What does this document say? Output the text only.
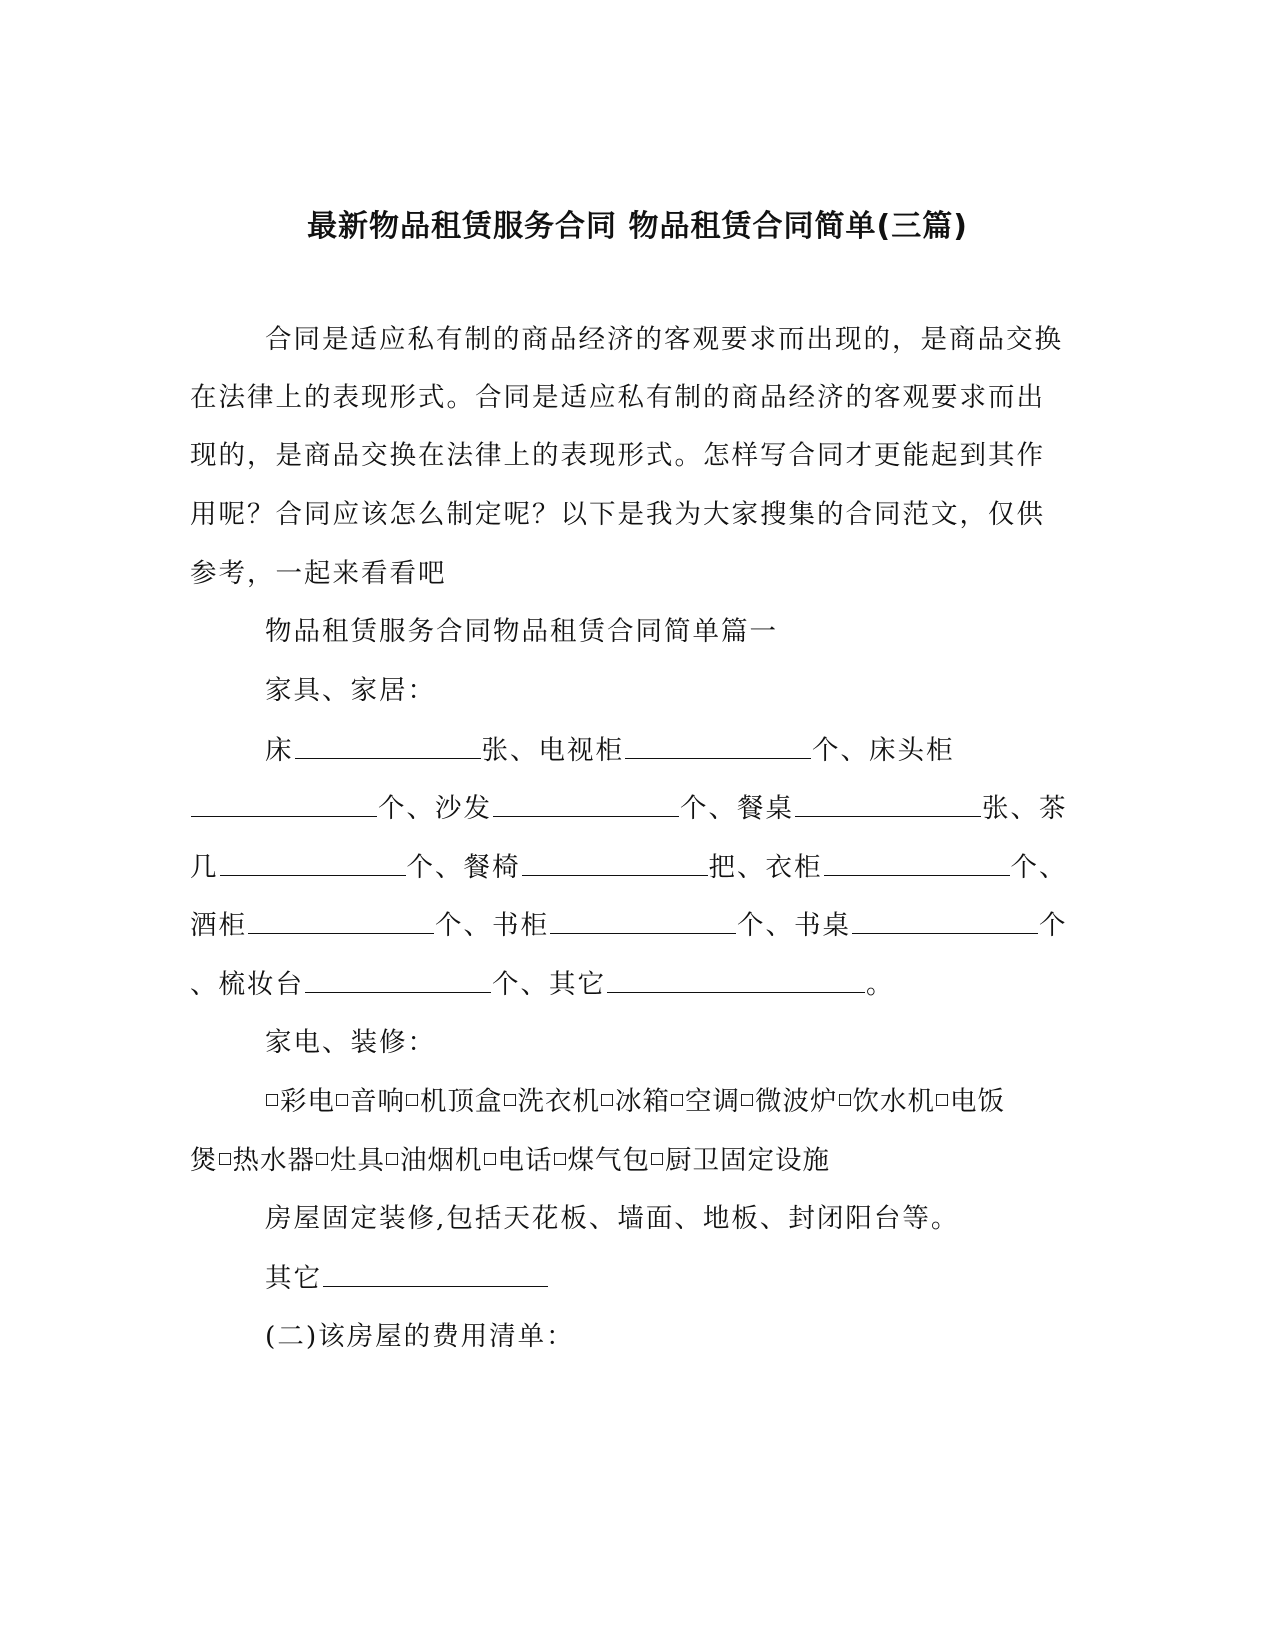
最新物品租赁服务合同 物品租赁合同简单(三篇)
合同是适应私有制的商品经济的客观要求而出现的，是商品交换
在法律上的表现形式。合同是适应私有制的商品经济的客观要求而出
现的，是商品交换在法律上的表现形式。怎样写合同才更能起到其作
用呢？合同应该怎么制定呢？以下是我为大家搜集的合同范文，仅供
参考，一起来看看吧
物品租赁服务合同物品租赁合同简单篇一
家具、家居：
床	张、电视柜	个、床头柜
个、沙发	个、餐桌	张、茶
几	个、餐椅	把、衣柜	个、
酒柜	个、书柜	个、书桌	个
、梳妆台	个、其它	。
家电、装修：
彩电 音响 机顶盒 洗衣机 冰箱 空调 微波炉 饮水机 电饭
煲 热水器 灶具 油烟机 电话 煤气包 厨卫固定设施
房屋固定装修,包括天花板、墙面、地板、封闭阳台等。
其它
(二)该房屋的费用清单：
